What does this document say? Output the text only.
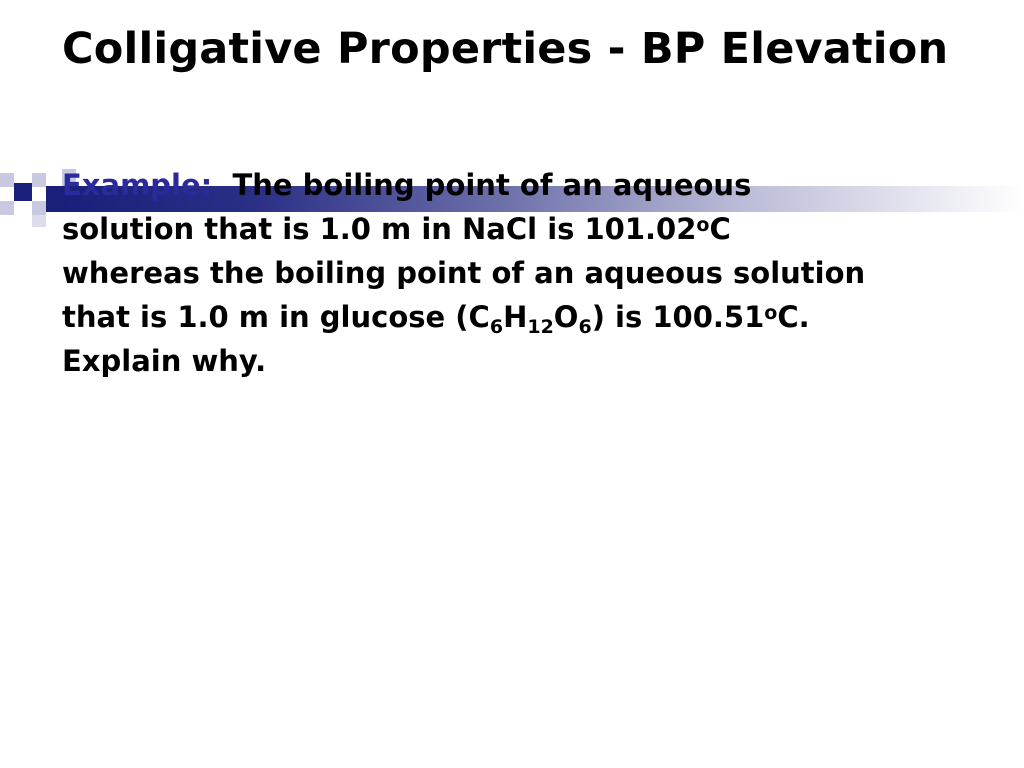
Colligative Properties - BP Elevation
Example: The boiling point of an aqueous
solution that is 1.0 m in NaCl is 101.02$^o$C
whereas the boiling point of an aqueous solution
that is 1.0 m in glucose $(C_6H_{12}O_6)$ is 100.51$^o$C.
Explain why.
